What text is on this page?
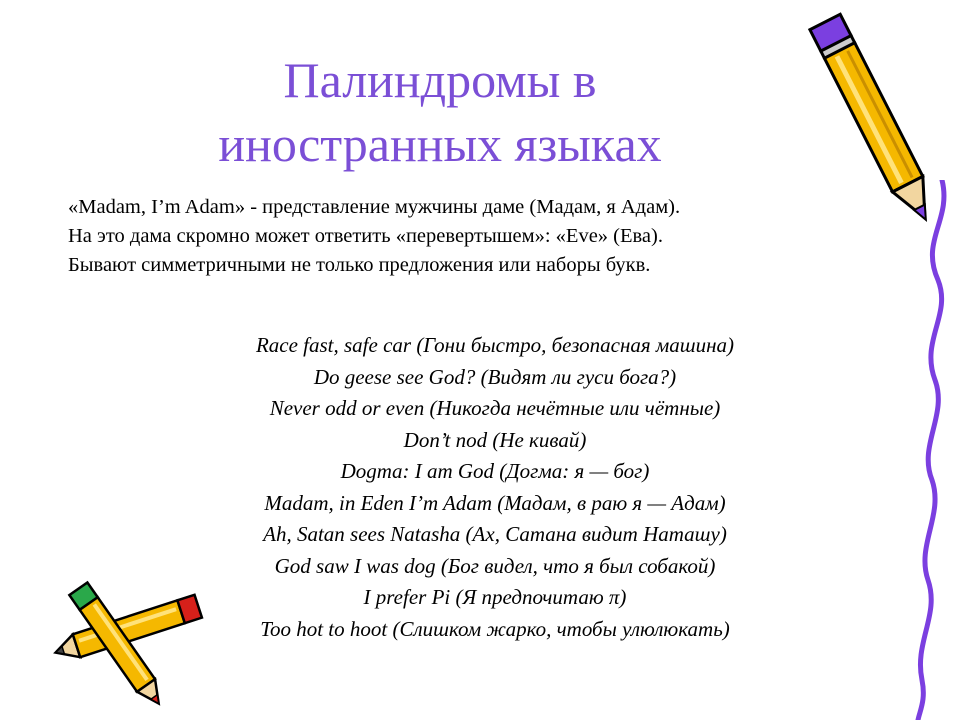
Палиндромы в
иностранных языках
«Madam, I’m Adam» - представление мужчины даме (Мадам, я Адам).
На это дама скромно может ответить «перевертышем»: «Eve» (Ева).
Бывают симметричными не только предложения или наборы букв.
Race fast, safe car (Гони быстро, безопасная машина)
Do geese see God? (Видят ли гуси бога?)
Never odd or even (Никогда нечётные или чётные)
Don’t nod (Не кивай)
Dogma: I am God (Догма: я — бог)
Madam, in Eden I’m Adam (Мадам, в раю я — Адам)
Ah, Satan sees Natasha (Ах, Сатана видит Наташу)
God saw I was dog (Бог видел, что я был собакой)
I prefer Pi (Я предпочитаю π)
Too hot to hoot (Слишком жарко, чтобы улюлюкать)
